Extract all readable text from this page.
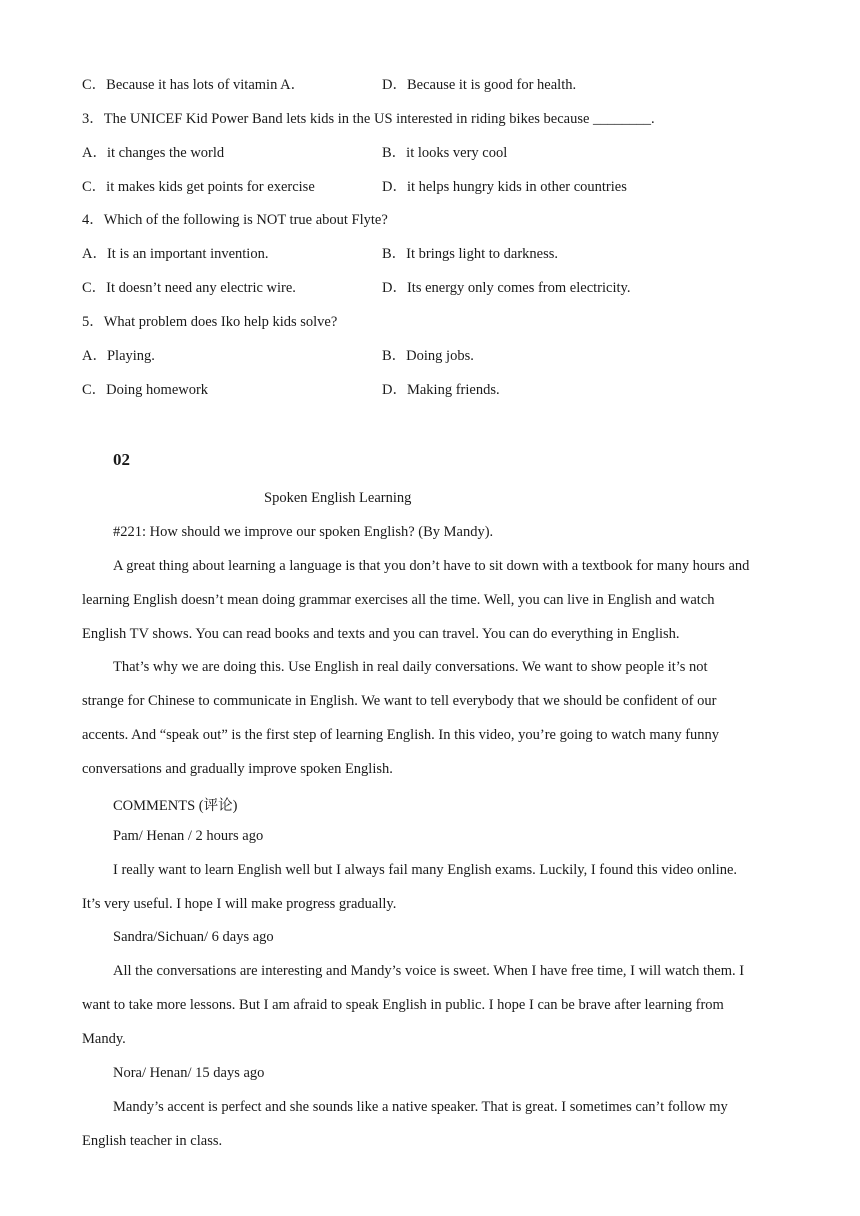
C．Because it has lots of vitamin A．	D．Because it is good for health.
3．The UNICEF Kid Power Band lets kids in the US interested in riding bikes because ________.
A．it changes the world	B．it looks very cool
C．it makes kids get points for exercise	D．it helps hungry kids in other countries
4．Which of the following is NOT true about Flyte?
A．It is an important invention.	B．It brings light to darkness.
C．It doesn’t need any electric wire.	D．Its energy only comes from electricity.
5．What problem does Iko help kids solve?
A．Playing.	B．Doing jobs.
C．Doing homework	D．Making friends.
02
Spoken English Learning
#221: How should we improve our spoken English? (By Mandy).
A great thing about learning a language is that you don’t have to sit down with a textbook for many hours and
learning English doesn’t mean doing grammar exercises all the time. Well, you can live in English and watch
English TV shows. You can read books and texts and you can travel. You can do everything in English.
That’s why we are doing this. Use English in real daily conversations. We want to show people it’s not
strange for Chinese to communicate in English. We want to tell everybody that we should be confident of our
accents. And “speak out” is the first step of learning English. In this video, you’re going to watch many funny
conversations and gradually improve spoken English.
COMMENTS (评论)
Pam/ Henan / 2 hours ago
I really want to learn English well but I always fail many English exams. Luckily, I found this video online.
It’s very useful. I hope I will make progress gradually.
Sandra/Sichuan/ 6 days ago
All the conversations are interesting and Mandy’s voice is sweet. When I have free time, I will watch them. I
want to take more lessons. But I am afraid to speak English in public. I hope I can be brave after learning from
Mandy.
Nora/ Henan/ 15 days ago
Mandy’s accent is perfect and she sounds like a native speaker. That is great. I sometimes can’t follow my
English teacher in class.
